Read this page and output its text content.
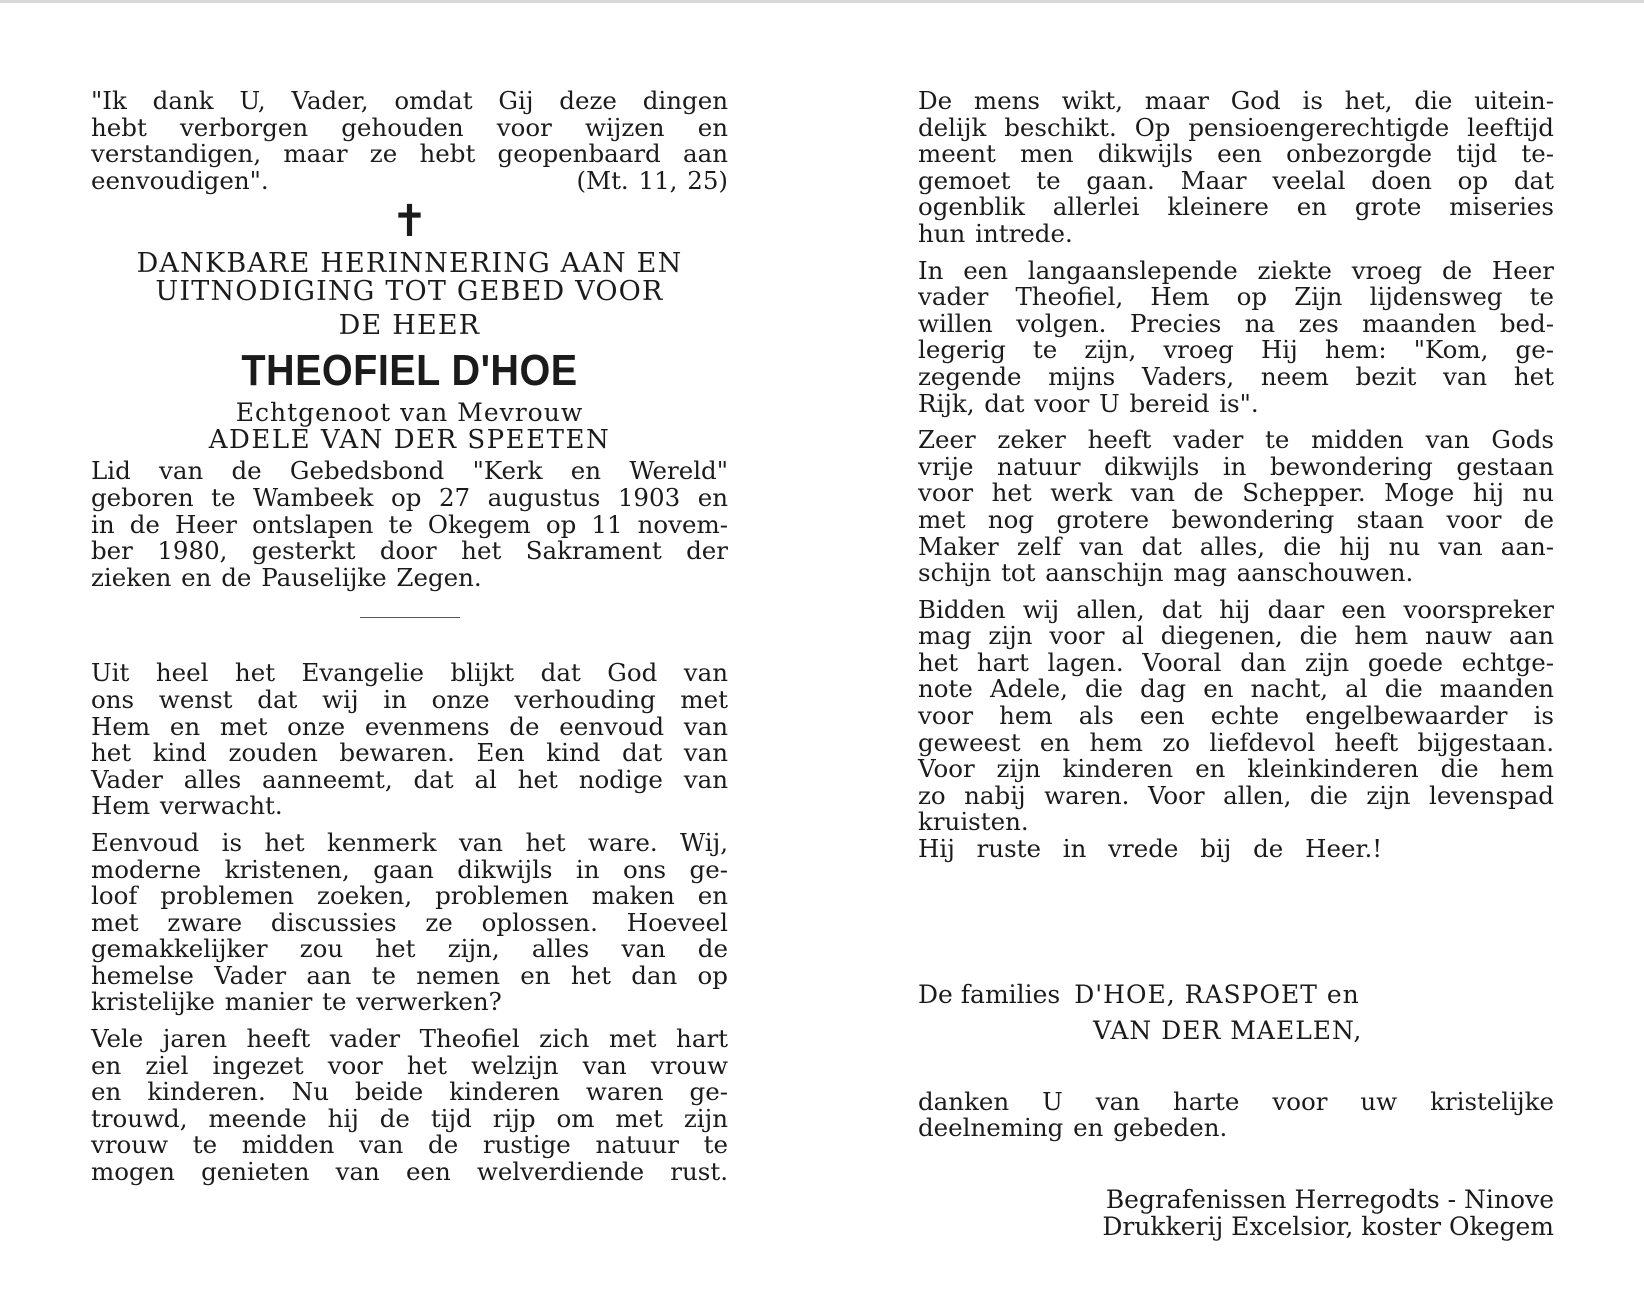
"Ik dank U, Vader, omdat Gij deze dingen
hebt verborgen gehouden voor wijzen en
verstandigen, maar ze hebt geopenbaard aan
eenvoudigen".	(Mt. 11, 25)
✝
DANKBARE HERINNERING AAN EN
UITNODIGING TOT GEBED VOOR
DE HEER
THEOFIEL D'HOE
Echtgenoot van Mevrouw
ADELE VAN DER SPEETEN
Lid van de Gebedsbond "Kerk en Wereld"
geboren te Wambeek op 27 augustus 1903 en
in de Heer ontslapen te Okegem op 11 novem-
ber 1980, gesterkt door het Sakrament der
zieken en de Pauselijke Zegen.
Uit heel het Evangelie blijkt dat God van
ons wenst dat wij in onze verhouding met
Hem en met onze evenmens de eenvoud van
het kind zouden bewaren. Een kind dat van
Vader alles aanneemt, dat al het nodige van
Hem verwacht.
Eenvoud is het kenmerk van het ware. Wij,
moderne kristenen, gaan dikwijls in ons ge-
loof problemen zoeken, problemen maken en
met zware discussies ze oplossen. Hoeveel
gemakkelijker zou het zijn, alles van de
hemelse Vader aan te nemen en het dan op
kristelijke manier te verwerken?
Vele jaren heeft vader Theofiel zich met hart
en ziel ingezet voor het welzijn van vrouw
en kinderen. Nu beide kinderen waren ge-
trouwd, meende hij de tijd rijp om met zijn
vrouw te midden van de rustige natuur te
mogen genieten van een welverdiende rust.
De mens wikt, maar God is het, die uitein-
delijk beschikt. Op pensioengerechtigde leeftijd
meent men dikwijls een onbezorgde tijd te-
gemoet te gaan. Maar veelal doen op dat
ogenblik allerlei kleinere en grote miseries
hun intrede.
In een langaanslepende ziekte vroeg de Heer
vader Theofiel, Hem op Zijn lijdensweg te
willen volgen. Precies na zes maanden bed-
legerig te zijn, vroeg Hij hem: "Kom, ge-
zegende mijns Vaders, neem bezit van het
Rijk, dat voor U bereid is".
Zeer zeker heeft vader te midden van Gods
vrije natuur dikwijls in bewondering gestaan
voor het werk van de Schepper. Moge hij nu
met nog grotere bewondering staan voor de
Maker zelf van dat alles, die hij nu van aan-
schijn tot aanschijn mag aanschouwen.
Bidden wij allen, dat hij daar een voorspreker
mag zijn voor al diegenen, die hem nauw aan
het hart lagen. Vooral dan zijn goede echtge-
note Adele, die dag en nacht, al die maanden
voor hem als een echte engelbewaarder is
geweest en hem zo liefdevol heeft bijgestaan.
Voor zijn kinderen en kleinkinderen die hem
zo nabij waren. Voor allen, die zijn levenspad
kruisten.
Hij ruste in vrede bij de Heer.!
De families D'HOE, RASPOET en
VAN DER MAELEN,
danken U van harte voor uw kristelijke
deelneming en gebeden.
Begrafenissen Herregodts - Ninove
Drukkerij Excelsior, koster Okegem
